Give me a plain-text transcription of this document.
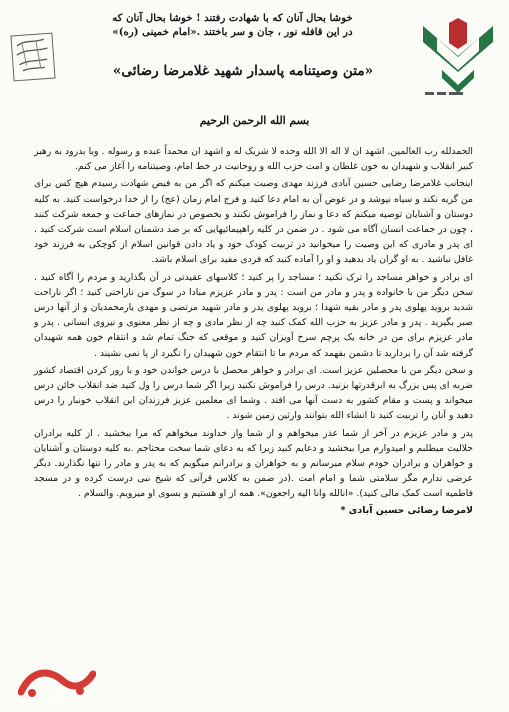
خوشا بحال آنان که با شهادت رفتند ! خوشا بحال آنان که
در این قافله نور ، جان و سر باختند .«امام خمینی (ره)»
«متن وصیتنامه پاسدار شهید غلامرضا رضائی»
بسم الله الرحمن الرحیم

الحمدلله رب العالمین. اشهد ان لا اله الا الله وحده لا شریک له و اشهد ان محمداً عبده و رسوله . وبا بدرود به رهبر کبیر انقلاب و شهیدان به خون غلطان و امت حزب الله و روحانیت در خط امام، وصیتنامه را آغاز می کنم.

اینجانب غلامرضا رضایی حسین آبادی فرزند مهدی وصیت میکنم که اگر من به فیض شهادت رسیدم هیچ کس برای من گریه نکند و سیاه نپوشد و در عوض آن به امام دعا کنید و فرج امام زمان (عج) را از خدا درخواست کنید. به کلیه دوستان و آشنایان توصیه میکنم که دعا و نماز را فراموش نکنند و بخصوص در نمازهای جماعت و جمعه شرکت کنند ، چون در جماعت انسان آگاه می شود . در ضمن در کلیه راهپیمائیهایی که بر ضد دشمنان اسلام است شرکت کنید . ای پدر و مادری که این وصیت را میخوانید در تربیت کودک خود و یاد دادن قوانین اسلام از کوچکی به فرزند خود غافل نباشید . به او گران یاد بدهید و او را آماده کنید که فردی مفید برای اسلام باشد.

ای برادر و خواهر مساجد را ترک نکنید ؛ مساجد را پر کنید ؛ کلاسهای عقیدتی در آن بگذارید و مردم را آگاه کنید . سخن دیگر من با خانواده و پدر و مادر من است : پدر و مادر عزیزم مبادا در سوگ من ناراحتی کنید ؛ اگر ناراحت شدید بروید پهلوی پدر و مادر بقیه شهدا ؛ بروید پهلوی پدر و مادر شهید مرتضی و مهدی یارمحمدیان و از آنها درس صبر بگیرید . پدر و مادر عزیز به حزب الله کمک کنید چه از نظر مادی و چه از نظر معنوی و نیروی انسانی . پدر و مادر عزیزم برای من در خانه یک پرچم سرخ آویزان کنید و موقعی که جنگ تمام شد و انتقام خون همه شهیدان گرفته شد آن را بردارید تا دشمن بفهمد که مردم ما تا انتقام خون شهیدان را نگیرد از پا نمی نشیند .

و سخن دیگر من با محصلین عزیز است. ای برادر و خواهر محصل با درس خواندن خود و با رور کردن اقتصاد کشور ضربه ای پس بزرگ به ابرقدرتها بزنید. درس را فراموش نکنید زیرا اگر شما درس را ول کنید ضد انقلاب خائن درس میخواند و پست و مقام کشور به دست آنها می افتد . وشما ای معلمین عزیز فرزندان این انقلاب خونبار را درس دهید و آنان را تربیت کنید تا انشاء الله بتوانند وارثین زمین شوند .

پدر و مادر عزیزم در آخر از شما عذر میخواهم و از شما واز خداوند میخواهم که مرا ببخشید . از کلیه برادران حلالیت میطلبم و امیدوارم مرا ببخشید و دعایم کنید زیرا که به دعای شما سخت محتاجم .به کلیه دوستان و آشنایان و خواهران و برادران خودم سلام میرسانم و به خواهران و برادرانم میگویم که به پدر و مادر را تنها نگذارند. دیگر عرضی ندارم مگر سلامتی شما و امام امت .(در ضمن به کلاس قرآنی که شیخ نبی درست کرده و در مسجد فاطمیه است کمک مالی کنید). «انالله وانا الیه راجعون». همه از او هستیم و بسوی او میرویم. والسلام .

لامرضا رضائی حسین آبادی *
نوید
